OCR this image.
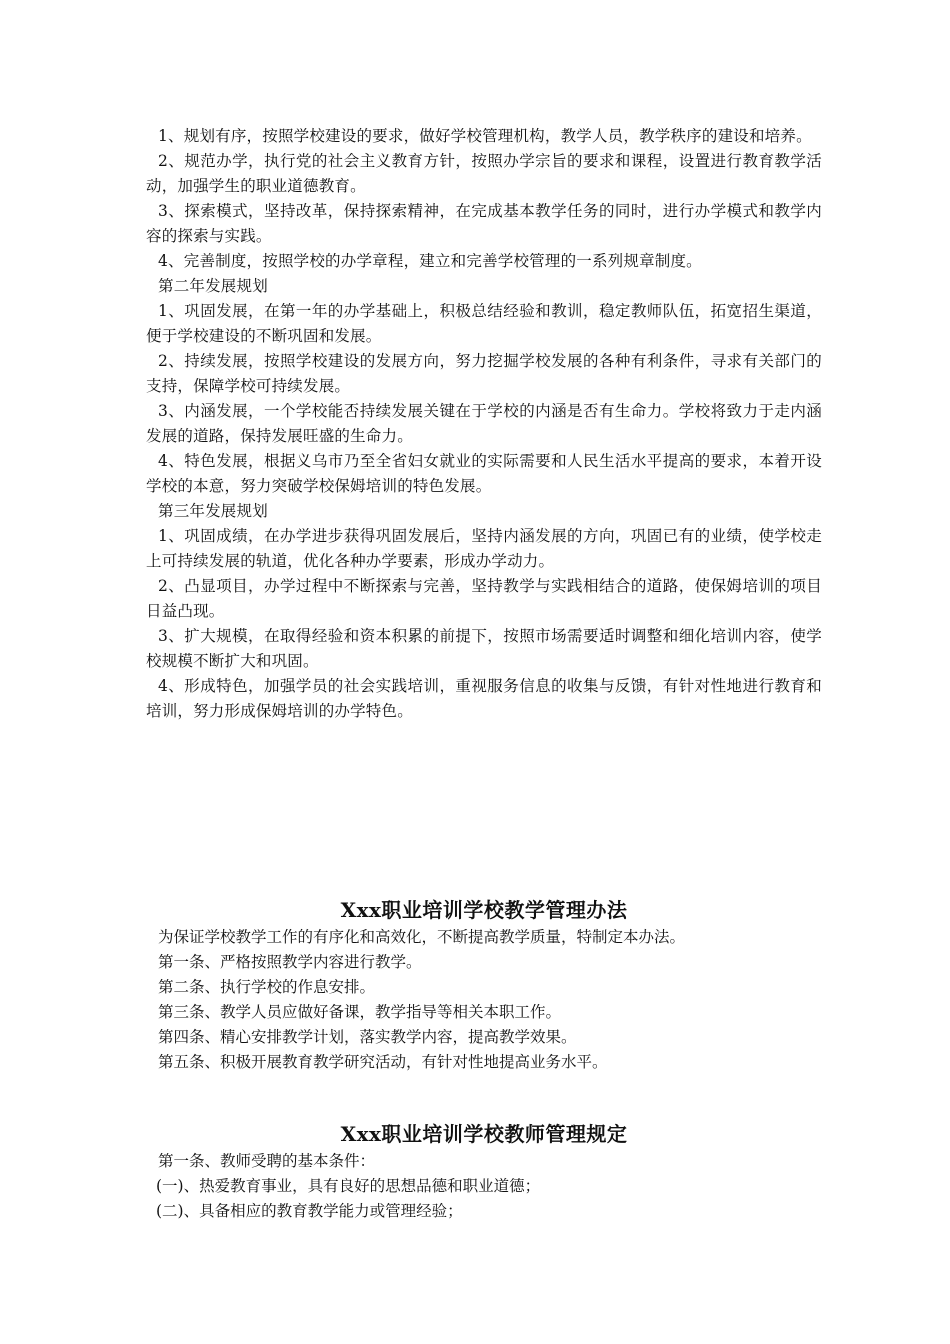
1、规划有序，按照学校建设的要求，做好学校管理机构，教学人员，教学秩序的建设和培养。

2、规范办学，执行党的社会主义教育方针，按照办学宗旨的要求和课程，设置进行教育教学活动，加强学生的职业道德教育。

3、探索模式，坚持改革，保持探索精神，在完成基本教学任务的同时，进行办学模式和教学内容的探索与实践。

4、完善制度，按照学校的办学章程，建立和完善学校管理的一系列规章制度。

第二年发展规划

1、巩固发展，在第一年的办学基础上，积极总结经验和教训，稳定教师队伍，拓宽招生渠道，便于学校建设的不断巩固和发展。

2、持续发展，按照学校建设的发展方向，努力挖掘学校发展的各种有利条件，寻求有关部门的支持，保障学校可持续发展。

3、内涵发展，一个学校能否持续发展关键在于学校的内涵是否有生命力。学校将致力于走内涵发展的道路，保持发展旺盛的生命力。

4、特色发展，根据义乌市乃至全省妇女就业的实际需要和人民生活水平提高的要求，本着开设学校的本意，努力突破学校保姆培训的特色发展。

第三年发展规划

1、巩固成绩，在办学进步获得巩固发展后，坚持内涵发展的方向，巩固已有的业绩，使学校走上可持续发展的轨道，优化各种办学要素，形成办学动力。

2、凸显项目，办学过程中不断探索与完善，坚持教学与实践相结合的道路，使保姆培训的项目日益凸现。

3、扩大规模，在取得经验和资本积累的前提下，按照市场需要适时调整和细化培训内容，使学校规模不断扩大和巩固。

4、形成特色，加强学员的社会实践培训，重视服务信息的收集与反馈，有针对性地进行教育和培训，努力形成保姆培训的办学特色。

Xxx职业培训学校教学管理办法

为保证学校教学工作的有序化和高效化，不断提高教学质量，特制定本办法。

第一条、严格按照教学内容进行教学。

第二条、执行学校的作息安排。

第三条、教学人员应做好备课，教学指导等相关本职工作。

第四条、精心安排教学计划，落实教学内容，提高教学效果。

第五条、积极开展教育教学研究活动，有针对性地提高业务水平。

Xxx职业培训学校教师管理规定

第一条、教师受聘的基本条件：

(一)、热爱教育事业，具有良好的思想品德和职业道德；

(二)、具备相应的教育教学能力或管理经验；
